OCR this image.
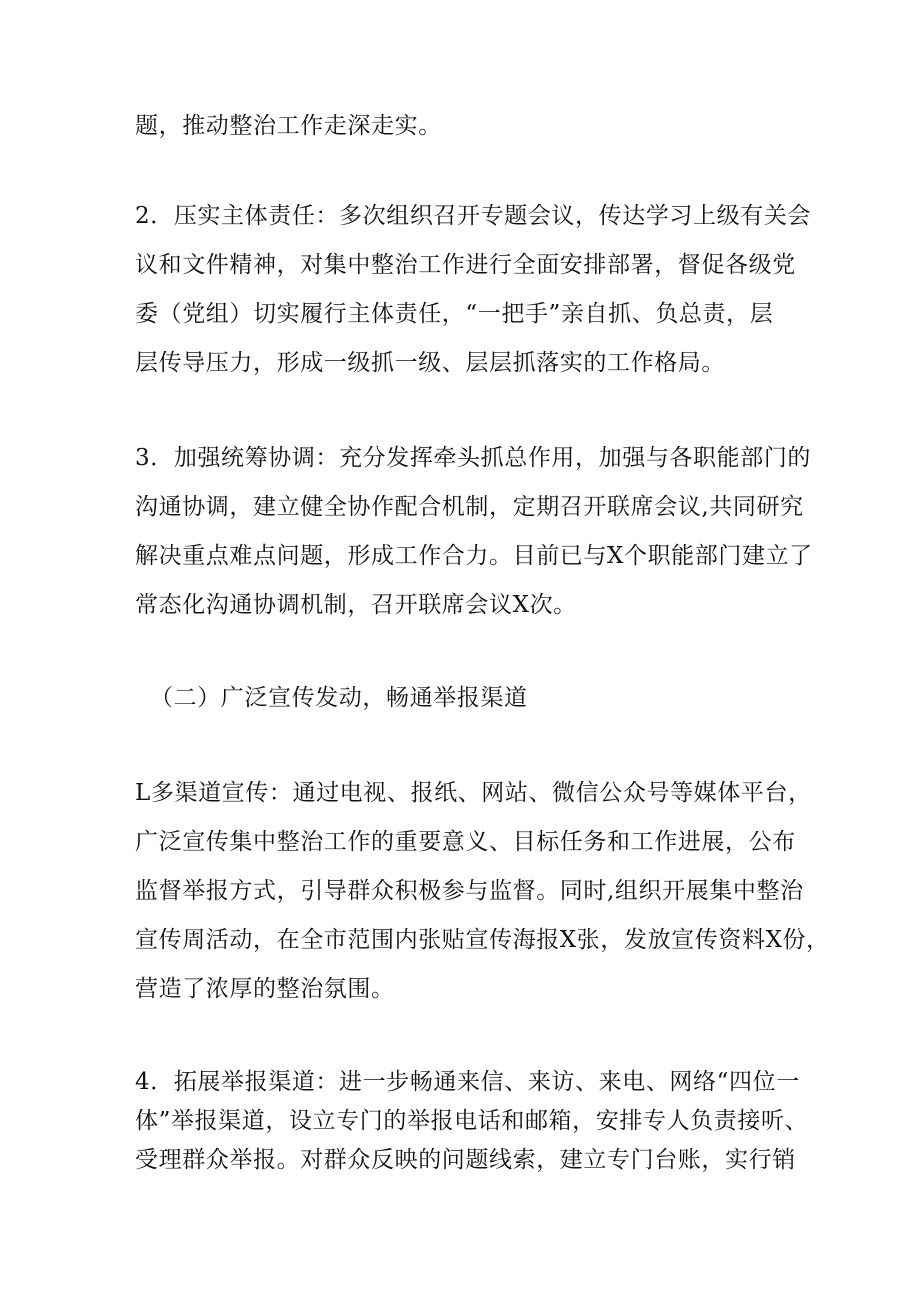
题，推动整治工作走深走实。
2．压实主体责任：多次组织召开专题会议，传达学习上级有关会
议和文件精神，对集中整治工作进行全面安排部署，督促各级党
委（党组）切实履行主体责任，“一把手”亲自抓、负总责，层
层传导压力，形成一级抓一级、层层抓落实的工作格局。
3．加强统筹协调：充分发挥牵头抓总作用，加强与各职能部门的
沟通协调，建立健全协作配合机制，定期召开联席会议,共同研究
解决重点难点问题，形成工作合力。目前已与X个职能部门建立了
常态化沟通协调机制，召开联席会议X次。
（二）广泛宣传发动，畅通举报渠道
L多渠道宣传：通过电视、报纸、网站、微信公众号等媒体平台，
广泛宣传集中整治工作的重要意义、目标任务和工作进展，公布
监督举报方式，引导群众积极参与监督。同时,组织开展集中整治
宣传周活动，在全市范围内张贴宣传海报X张，发放宣传资料X份，
营造了浓厚的整治氛围。
4．拓展举报渠道：进一步畅通来信、来访、来电、网络“四位一
体”举报渠道，设立专门的举报电话和邮箱，安排专人负责接听、
受理群众举报。对群众反映的问题线索，建立专门台账，实行销
